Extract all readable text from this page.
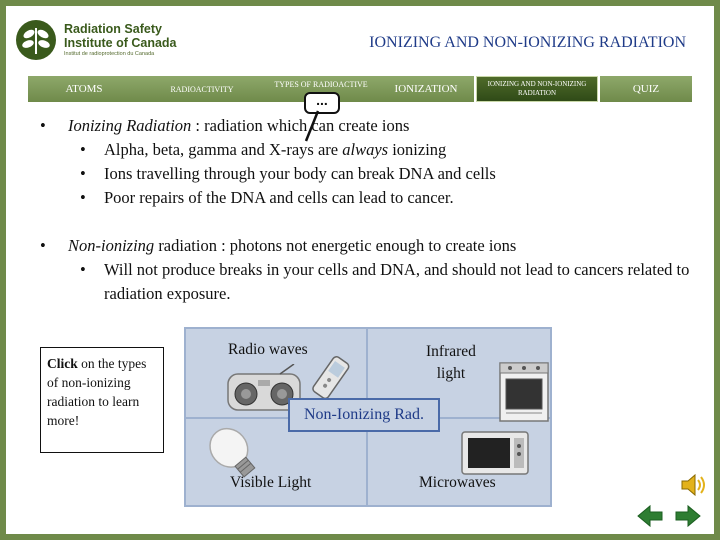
Radiation Safety
Institute of Canada
Institut de radioprotection du Canada
IONIZING AND NON-IONIZING RADIATION
ATOMS	RADIOACTIVITY	TYPES OF RADIOACTIVE	IONIZATION	IONIZING AND NON-IONIZING RADIATION	QUIZ
...
• Ionizing Radiation : radiation which can create ions
• Alpha, beta, gamma and X-rays are always ionizing
• Ions travelling through your body can break DNA and cells
• Poor repairs of the DNA and cells can lead to cancer.
• Non-ionizing radiation : photons not energetic enough to create ions
• Will not produce breaks in your cells and DNA, and should not lead to cancers related to radiation exposure.
Click on the types of non-ionizing radiation to learn more!
Radio waves	Infrared
light
Non-Ionizing Rad.
Visible Light	Microwaves
